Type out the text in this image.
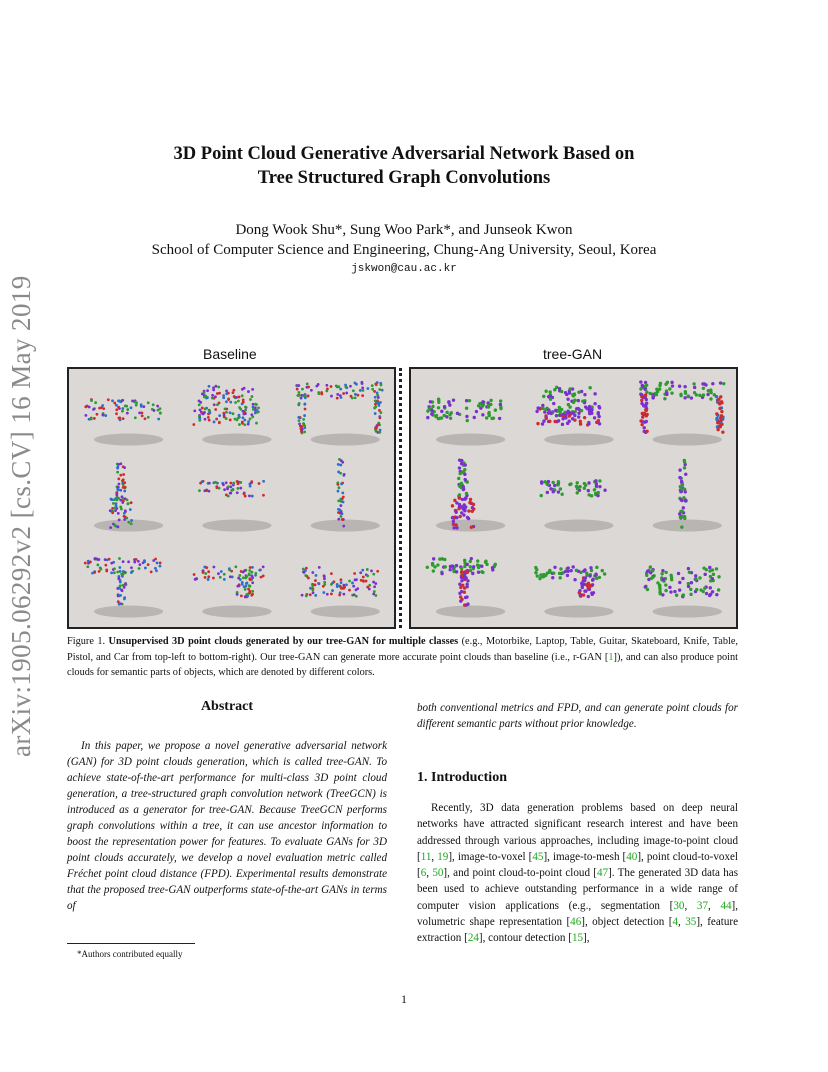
arXiv:1905.06292v2 [cs.CV] 16 May 2019
3D Point Cloud Generative Adversarial Network Based on
Tree Structured Graph Convolutions
Dong Wook Shu*, Sung Woo Park*, and Junseok Kwon
School of Computer Science and Engineering, Chung-Ang University, Seoul, Korea
jskwon@cau.ac.kr
Baseline	tree-GAN
Figure 1. Unsupervised 3D point clouds generated by our tree-GAN for multiple classes (e.g., Motorbike, Laptop, Table, Guitar, Skateboard, Knife, Table, Pistol, and Car from top-left to bottom-right). Our tree-GAN can generate more accurate point clouds than baseline (i.e., r-GAN [1]), and can also produce point clouds for semantic parts of objects, which are denoted by different colors.
Abstract
In this paper, we propose a novel generative adversarial network (GAN) for 3D point clouds generation, which is called tree-GAN. To achieve state-of-the-art performance for multi-class 3D point cloud generation, a tree-structured graph convolution network (TreeGCN) is introduced as a generator for tree-GAN. Because TreeGCN performs graph convolutions within a tree, it can use ancestor information to boost the representation power for features. To evaluate GANs for 3D point clouds accurately, we develop a novel evaluation metric called Fréchet point cloud distance (FPD). Experimental results demonstrate that the proposed tree-GAN outperforms state-of-the-art GANs in terms of
both conventional metrics and FPD, and can generate point clouds for different semantic parts without prior knowledge.
1. Introduction
Recently, 3D data generation problems based on deep neural networks have attracted significant research interest and have been addressed through various approaches, including image-to-point cloud [11, 19], image-to-voxel [45], image-to-mesh [40], point cloud-to-voxel [6, 50], and point cloud-to-point cloud [47]. The generated 3D data has been used to achieve outstanding performance in a wide range of computer vision applications (e.g., segmentation [30, 37, 44], volumetric shape representation [46], object detection [4, 35], feature extraction [24], contour detection [15],
*Authors contributed equally
1
